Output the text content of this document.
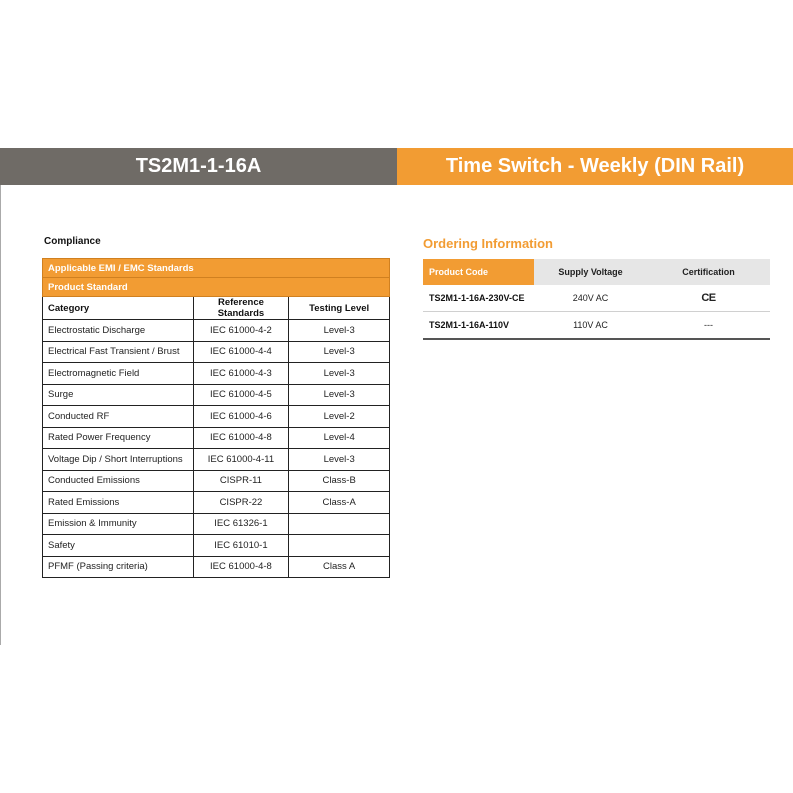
TS2M1-1-16A	Time Switch - Weekly (DIN Rail)
Compliance
Applicable EMI / EMC Standards		
Product Standard		
Category	Reference Standards	Testing Level
Electrostatic Discharge	IEC 61000-4-2	Level-3
Electrical Fast Transient / Brust	IEC 61000-4-4	Level-3
Electromagnetic Field	IEC 61000-4-3	Level-3
Surge	IEC 61000-4-5	Level-3
Conducted RF	IEC 61000-4-6	Level-2
Rated Power Frequency	IEC 61000-4-8	Level-4
Voltage Dip / Short Interruptions	IEC 61000-4-11	Level-3
Conducted Emissions	CISPR-11	Class-B
Rated Emissions	CISPR-22	Class-A
Emission & Immunity	IEC 61326-1	
Safety	IEC 61010-1	
PFMF (Passing criteria)	IEC 61000-4-8	Class A
Ordering Information
Product Code	Supply Voltage	Certification
TS2M1-1-16A-230V-CE	240V AC	CE
TS2M1-1-16A-110V	110V AC	---
